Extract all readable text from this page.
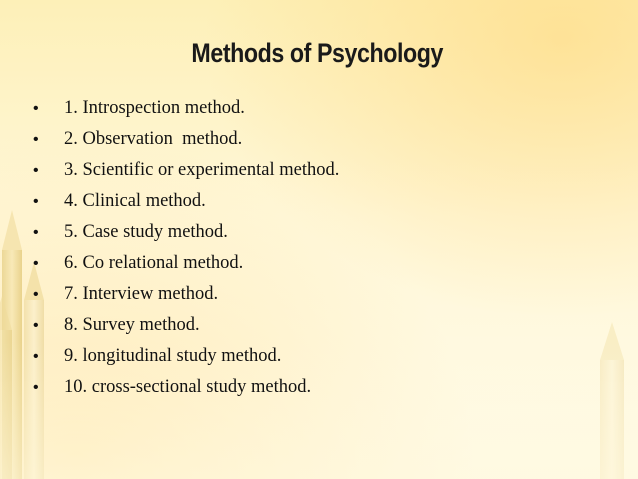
Methods of Psychology
• 1. Introspection method.
• 2. Observation  method.
• 3. Scientific or experimental method.
• 4. Clinical method.
• 5. Case study method.
• 6. Co relational method.
• 7. Interview method.
• 8. Survey method.
• 9. longitudinal study method.
• 10. cross-sectional study method.
